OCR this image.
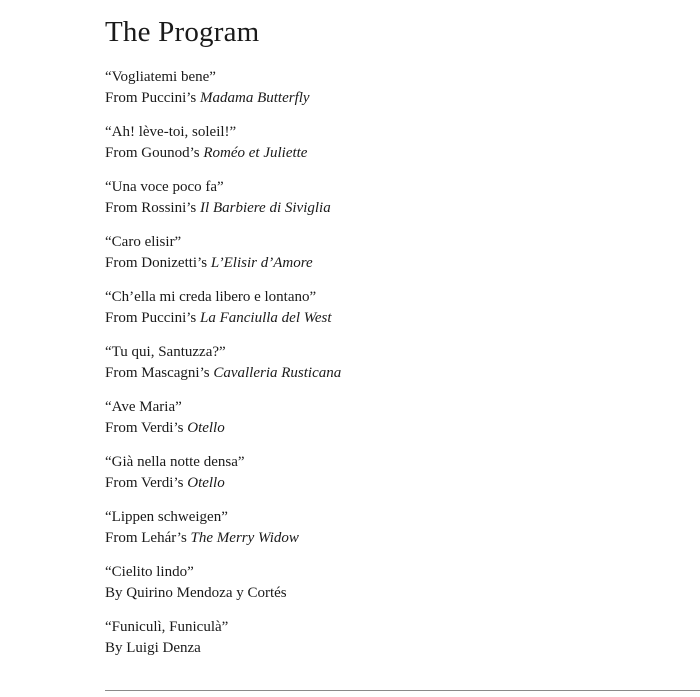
The Program
“Vogliatemi bene”
From Puccini’s Madama Butterfly
“Ah! lève-toi, soleil!”
From Gounod’s Roméo et Juliette
“Una voce poco fa”
From Rossini’s Il Barbiere di Siviglia
“Caro elisir”
From Donizetti’s L’Elisir d’Amore
“Ch’ella mi creda libero e lontano”
From Puccini’s La Fanciulla del West
“Tu qui, Santuzza?”
From Mascagni’s Cavalleria Rusticana
“Ave Maria”
From Verdi’s Otello
“Già nella notte densa”
From Verdi’s Otello
“Lippen schweigen”
From Lehár’s The Merry Widow
“Cielito lindo”
By Quirino Mendoza y Cortés
“Funiculì, Funiculà”
By Luigi Denza
